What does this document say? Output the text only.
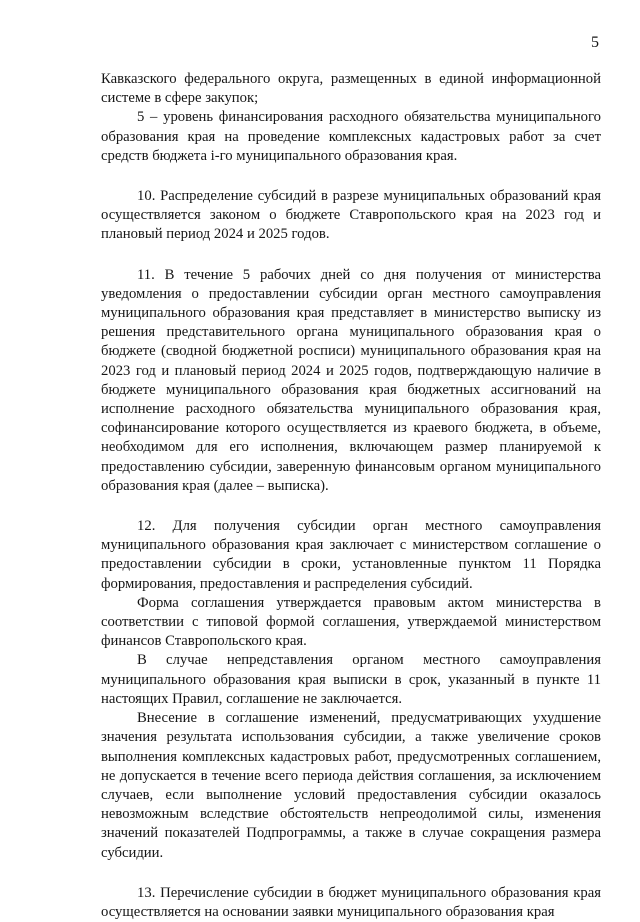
5

Кавказского федерального округа, размещенных в единой информационной системе в сфере закупок;

5 – уровень финансирования расходного обязательства муниципального образования края на проведение комплексных кадастровых работ за счет средств бюджета i-го муниципального образования края.

10. Распределение субсидий в разрезе муниципальных образований края осуществляется законом о бюджете Ставропольского края на 2023 год и плановый период 2024 и 2025 годов.

11. В течение 5 рабочих дней со дня получения от министерства уведомления о предоставлении субсидии орган местного самоуправления муниципального образования края представляет в министерство выписку из решения представительного органа муниципального образования края о бюджете (сводной бюджетной росписи) муниципального образования края на 2023 год и плановый период 2024 и 2025 годов, подтверждающую наличие в бюджете муниципального образования края бюджетных ассигнований на исполнение расходного обязательства муниципального образования края, софинансирование которого осуществляется из краевого бюджета, в объеме, необходимом для его исполнения, включающем размер планируемой к предоставлению субсидии, заверенную финансовым органом муниципального образования края (далее – выписка).

12. Для получения субсидии орган местного самоуправления муниципального образования края заключает с министерством соглашение о предоставлении субсидии в сроки, установленные пунктом 11 Порядка формирования, предоставления и распределения субсидий.

Форма соглашения утверждается правовым актом министерства в соответствии с типовой формой соглашения, утверждаемой министерством финансов Ставропольского края.

В случае непредставления органом местного самоуправления муниципального образования края выписки в срок, указанный в пункте 11 настоящих Правил, соглашение не заключается.

Внесение в соглашение изменений, предусматривающих ухудшение значения результата использования субсидии, а также увеличение сроков выполнения комплексных кадастровых работ, предусмотренных соглашением, не допускается в течение всего периода действия соглашения, за исключением случаев, если выполнение условий предоставления субсидии оказалось невозможным вследствие обстоятельств непреодолимой силы, изменения значений показателей Подпрограммы, а также в случае сокращения размера субсидии.

13. Перечисление субсидии в бюджет муниципального образования края осуществляется на основании заявки муниципального образования края
